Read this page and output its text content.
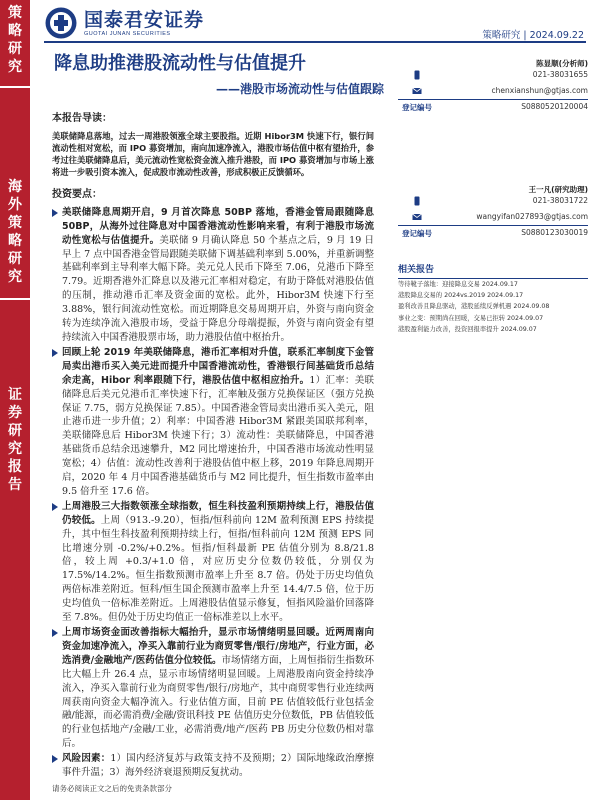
策
略
研
究
海
外
策
略
研
究
证
券
研
究
报
告
国泰君安证券
GUOTAI JUNAN SECURITIES	策略研究 | 2024.09.22
降息助推港股流动性与估值提升
——港股市场流动性与估值跟踪
本报告导读：
美联储降息落地，过去一周港股领涨全球主要股指。近期 Hibor3M 快速下行，银行间流动性相对宽松，而 IPO 募资增加，南向加速净流入，港股市场估值中枢有望抬升，参考过往美联储降息后，美元流动性宽松资金流入推升港股，而 IPO 募资增加与市场上涨将进一步吸引资本流入，促成股市流动性改善，形成积极正反馈循环。
投资要点：
美联储降息周期开启，9 月首次降息 50BP 落地，香港金管局跟随降息 50BP，从海外过往降息对中国香港流动性影响来看，有利于港股市场流动性宽松与估值提升。美联储 9 月确认降息 50 个基点之后，9 月 19 日早上 7 点中国香港金管局跟随美联储下调基础利率到 5.00%，并重新调整基础利率到主导利率大幅下降。美元兑人民币下降至 7.06，兑港币下降至 7.79。近期香港外汇降息以及港元汇率相对稳定，有助于降低对港股估值的压制，推动港币汇率及资金面的宽松。此外，Hibor3M 快速下行至 3.88%，银行间流动性宽松。而近期降息交易周期开启，外资与南向资金转为连续净流入港股市场，受益于降息分母端提振，外资与南向资金有望持续流入中国香港股票市场，助力港股估值中枢抬升。
回顾上轮 2019 年美联储降息，港币汇率相对升值，联系汇率制度下金管局卖出港币买入美元进而提升中国香港流动性，香港银行间基础货币总结余走高，Hibor 利率跟随下行，港股估值中枢相应抬升。1）汇率：美联储降息后美元兑港币汇率快速下行，汇率触及强方兑换保证区（强方兑换保证 7.75，弱方兑换保证 7.85）。中国香港金管局卖出港币买入美元，阻止港币进一步升值；2）利率：中国香港 Hibor3M 紧跟美国联邦利率，美联储降息后 Hibor3M 快速下行；3）流动性：美联储降息，中国香港基础货币总结余迅速攀升，M2 同比增速抬升，中国香港市场流动性明显宽松；4）估值：流动性改善利于港股估值中枢上移，2019 年降息周期开启，2020 年 4 月中国香港基础货币与 M2 同比提升，恒生指数市盈率由 9.5 倍升至 17.6 倍。
上周港股三大指数领涨全球指数，恒生科技盈利预期持续上行，港股估值仍较低。上周（913.-9.20），恒指/恒科前向 12M 盈利预测 EPS 持续提升，其中恒生科技盈利预期持续上行，恒指/恒科前向 12M 预测 EPS 同比增速分别 -0.2%/+0.2%。恒指/恒科最新 PE 估值分别为 8.8/21.8 倍，较上周 +0.3/+1.0 倍，对应历史分位数仍较低，分别仅为 17.5%/14.2%。恒生指数预测市盈率上升至 8.7 倍。仍处于历史均值负两倍标准差附近。恒科/恒生国企预测市盈率上升至 14.4/7.5 倍，位于历史均值负一倍标准差附近。上周港股估值显示修复，恒指风险溢价回落降至 7.8%。但仍处于历史均值正一倍标准差以上水平。
上周市场资金面改善指标大幅抬升，显示市场情绪明显回暖。近两周南向资金加速净流入，净买入靠前行业为商贸零售/银行/房地产，行业方面，必选消费/金融地产/医药估值分位较低。市场情绪方面，上周恒指衍生指数环比大幅上升 26.4 点，显示市场情绪明显回暖。上周港股南向资金持续净流入，净买入靠前行业为商贸零售/银行/房地产，其中商贸零售行业连续两周获南向资金大幅净流入。行业估值方面，目前 PE 估值较低行业包括金融/能源，而必需消费/金融/资讯科技 PE 估值历史分位数低，PB 估值较低的行业包括地产/金融/工业，必需消费/地产/医药 PB 历史分位数仍相对靠后。
风险因素：1）国内经济复苏与政策支持不及预期；2）国际地缘政治摩擦事件升温；3）海外经济衰退预期反复扰动。
陈显顺(分析师)
021-38031655
chenxianshun@gtjas.com
登记编号	S0880520120004
王一凡(研究助理)
021-38031722
wangyifan027893@gtjas.com
登记编号	S0880123030019
相关报告
等待靴子落地：迎接降息交易 2024.09.17
港股降息交易的 2024vs.2019 2024.09.17
盈利改善且降息驱动，港股延续反弹机遇 2024.09.08
事业之变：预期尚在回暖，交易已拒转 2024.09.07
港股盈利能力改善，投资回报率提升 2024.09.07
请务必阅读正文之后的免责条款部分
